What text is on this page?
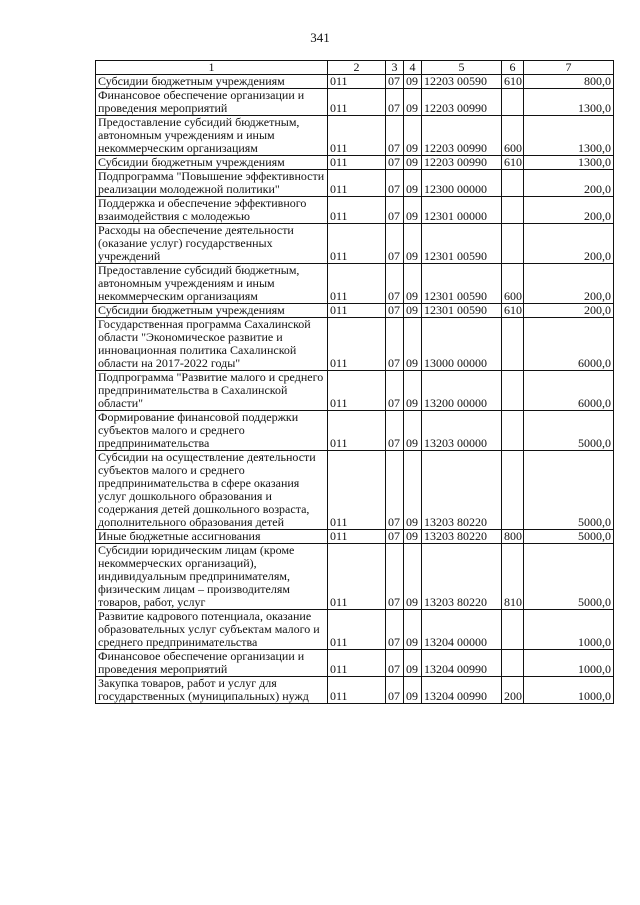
341
1	2	3	4	5	6	7
Субсидии бюджетным учреждениям	011	07	09	12203 00590	610	800,0
Финансовое обеспечение организации и проведения мероприятий	011	07	09	12203 00990		1300,0
Предоставление субсидий бюджетным, автономным учреждениям и иным некоммерческим организациям	011	07	09	12203 00990	600	1300,0
Субсидии бюджетным учреждениям	011	07	09	12203 00990	610	1300,0
Подпрограмма "Повышение эффективности реализации молодежной политики"	011	07	09	12300 00000		200,0
Поддержка и обеспечение эффективного взаимодействия с молодежью	011	07	09	12301 00000		200,0
Расходы на обеспечение деятельности (оказание услуг) государственных учреждений	011	07	09	12301 00590		200,0
Предоставление субсидий бюджетным, автономным учреждениям и иным некоммерческим организациям	011	07	09	12301 00590	600	200,0
Субсидии бюджетным учреждениям	011	07	09	12301 00590	610	200,0
Государственная программа Сахалинской области "Экономическое развитие и инновационная политика Сахалинской области на 2017-2022 годы"	011	07	09	13000 00000		6000,0
Подпрограмма "Развитие малого и среднего предпринимательства в Сахалинской области"	011	07	09	13200 00000		6000,0
Формирование финансовой поддержки субъектов малого и среднего предпринимательства	011	07	09	13203 00000		5000,0
Субсидии на осуществление деятельности субъектов малого и среднего предпринимательства в сфере оказания услуг дошкольного образования и содержания детей дошкольного возраста, дополнительного образования детей	011	07	09	13203 80220		5000,0
Иные бюджетные ассигнования	011	07	09	13203 80220	800	5000,0
Субсидии юридическим лицам (кроме некоммерческих организаций), индивидуальным предпринимателям, физическим лицам – производителям товаров, работ, услуг	011	07	09	13203 80220	810	5000,0
Развитие кадрового потенциала, оказание образовательных услуг субъектам малого и среднего предпринимательства	011	07	09	13204 00000		1000,0
Финансовое обеспечение организации и проведения мероприятий	011	07	09	13204 00990		1000,0
Закупка товаров, работ и услуг для государственных (муниципальных) нужд	011	07	09	13204 00990	200	1000,0
